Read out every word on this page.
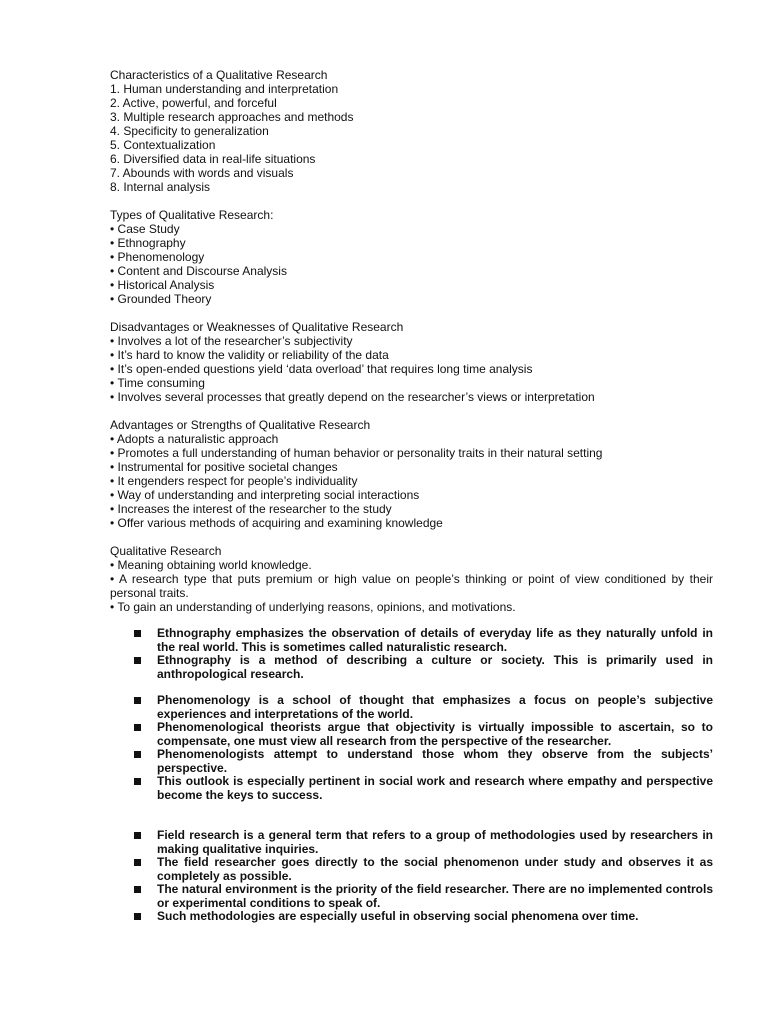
Characteristics of a Qualitative Research
1. Human understanding and interpretation
2. Active, powerful, and forceful
3. Multiple research approaches and methods
4. Specificity to generalization
5. Contextualization
6. Diversified data in real-life situations
7. Abounds with words and visuals
8. Internal analysis
Types of Qualitative Research:
• Case Study
• Ethnography
• Phenomenology
• Content and Discourse Analysis
• Historical Analysis
• Grounded Theory
Disadvantages or Weaknesses of Qualitative Research
• Involves a lot of the researcher’s subjectivity
• It’s hard to know the validity or reliability of the data
• It’s open-ended questions yield ‘data overload’ that requires long time analysis
• Time consuming
• Involves several processes that greatly depend on the researcher’s views or interpretation
Advantages or Strengths of Qualitative Research
• Adopts a naturalistic approach
• Promotes a full understanding of human behavior or personality traits in their natural setting
• Instrumental for positive societal changes
• It engenders respect for people’s individuality
• Way of understanding and interpreting social interactions
• Increases the interest of the researcher to the study
• Offer various methods of acquiring and examining knowledge
Qualitative Research
• Meaning obtaining world knowledge.
• A research type that puts premium or high value on people’s thinking or point of view conditioned by their personal traits.
• To gain an understanding of underlying reasons, opinions, and motivations.
Ethnography emphasizes the observation of details of everyday life as they naturally unfold in the real world. This is sometimes called naturalistic research.
Ethnography is a method of describing a culture or society. This is primarily used in anthropological research.
Phenomenology is a school of thought that emphasizes a focus on people’s subjective experiences and interpretations of the world.
Phenomenological theorists argue that objectivity is virtually impossible to ascertain, so to compensate, one must view all research from the perspective of the researcher.
Phenomenologists attempt to understand those whom they observe from the subjects’ perspective.
This outlook is especially pertinent in social work and research where empathy and perspective become the keys to success.
Field research is a general term that refers to a group of methodologies used by researchers in making qualitative inquiries.
The field researcher goes directly to the social phenomenon under study and observes it as completely as possible.
The natural environment is the priority of the field researcher. There are no implemented controls or experimental conditions to speak of.
Such methodologies are especially useful in observing social phenomena over time.
